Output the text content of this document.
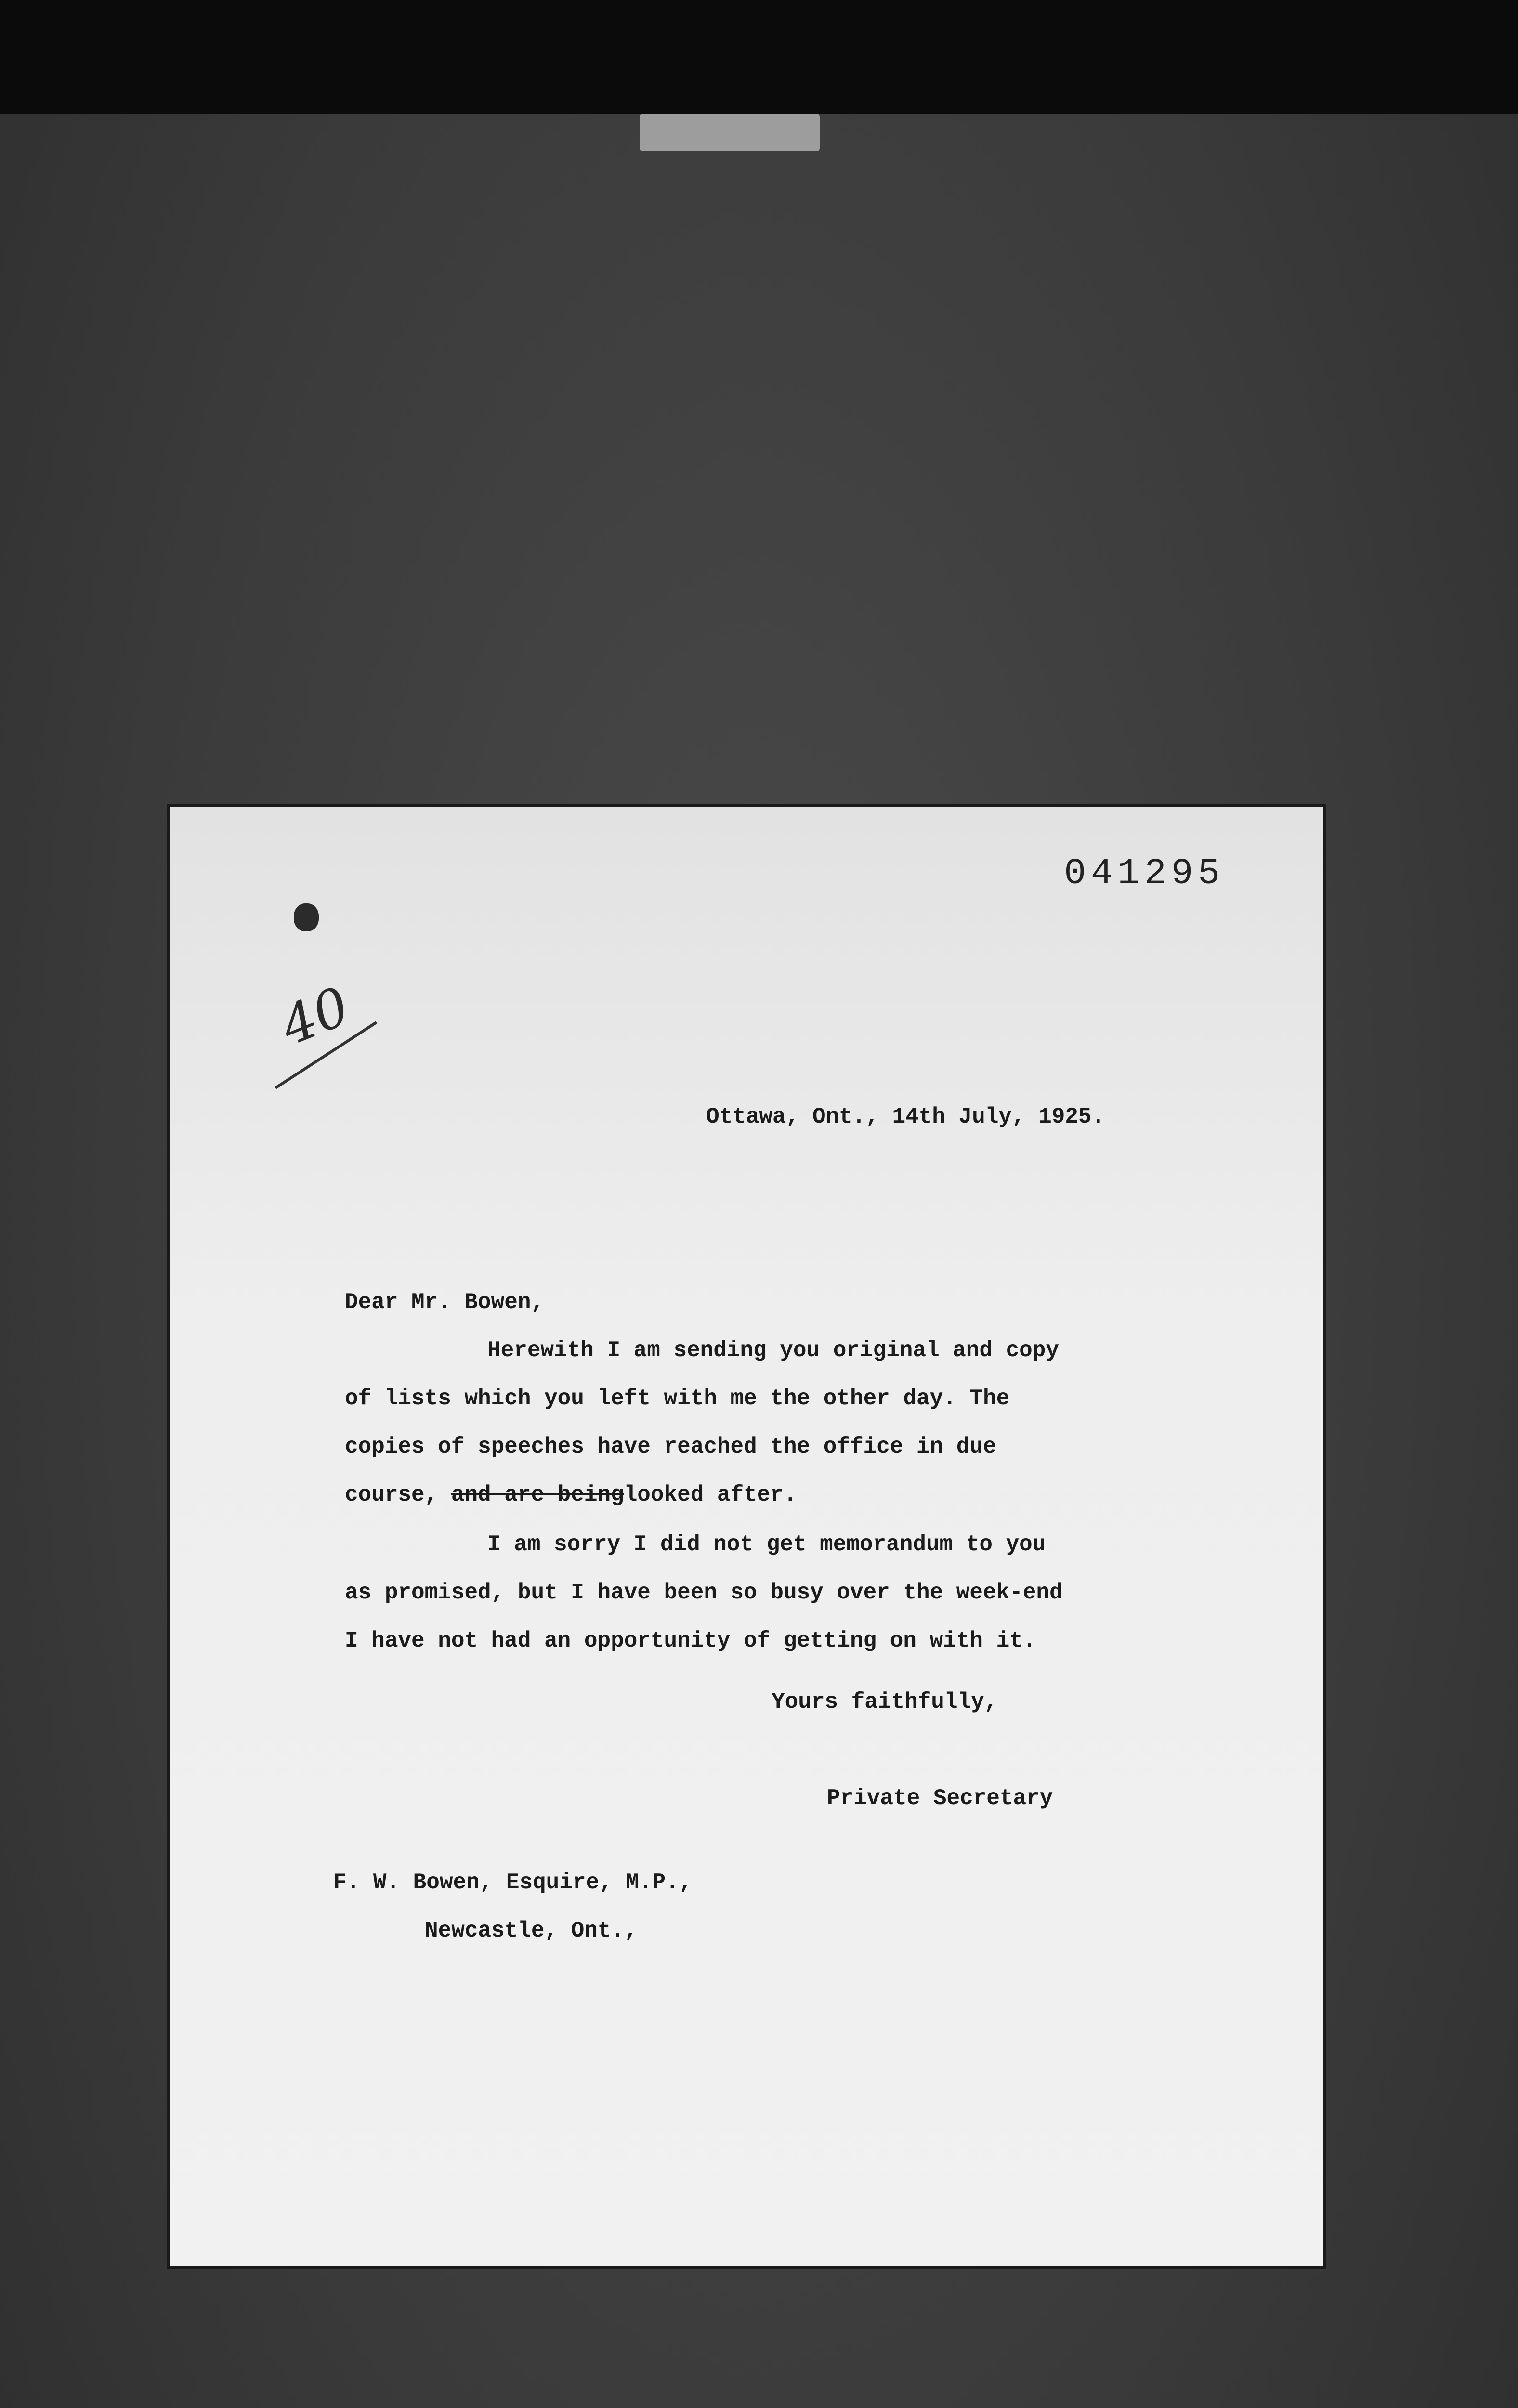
041295
40
Ottawa, Ont., 14th July, 1925.
Dear Mr. Bowen,
Herewith I am sending you original and copy
of lists which you left with me the other day. The
copies of speeches have reached the office in due
course, and are beinglooked after.
I am sorry I did not get memorandum to you
as promised, but I have been so busy over the week-end
I have not had an opportunity of getting on with it.
Yours faithfully,
Private Secretary
F. W. Bowen, Esquire, M.P.,
Newcastle, Ont.,
